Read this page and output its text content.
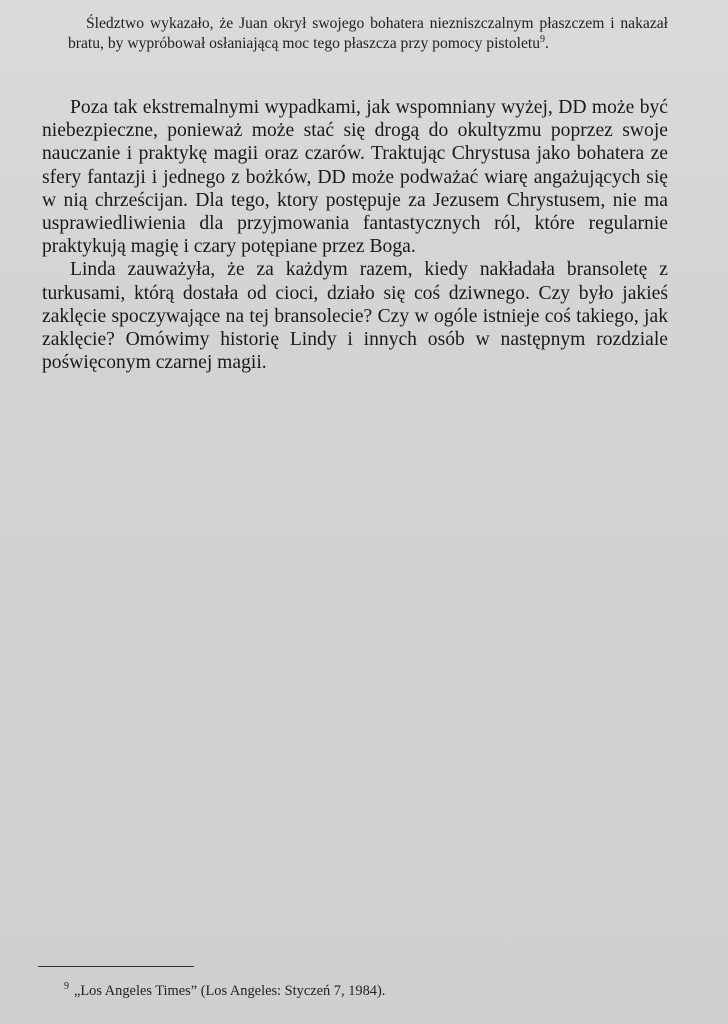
Śledztwo wykazało, że Juan okrył swojego bohatera niezniszczalnym płaszczem i nakazał bratu, by wypróbował osłaniającą moc tego płaszcza przy pomocy pistoletu$^9$.

Poza tak ekstremalnymi wypadkami, jak wspomniany wyżej, DD może być niebezpieczne, ponieważ może stać się drogą do okultyzmu poprzez swoje nauczanie i praktykę magii oraz czarów. Traktując Chrystusa jako bohatera ze sfery fantazji i jednego z bożków, DD może podważać wiarę angażujących się w nią chrześcijan. Dla tego, ktory postępuje za Jezusem Chrystusem, nie ma usprawiedliwienia dla przyjmowania fantastycznych ról, które regularnie praktykują magię i czary potępiane przez Boga.

Linda zauważyła, że za każdym razem, kiedy nakładała bransoletę z turkusami, którą dostała od cioci, działo się coś dziwnego. Czy było jakieś zaklęcie spoczywające na tej bransolecie? Czy w ogóle istnieje coś takiego, jak zaklęcie? Omówimy historię Lindy i innych osób w następnym rozdziale poświęconym czarnej magii.

$^9$ „Los Angeles Times” (Los Angeles: Styczeń 7, 1984).
